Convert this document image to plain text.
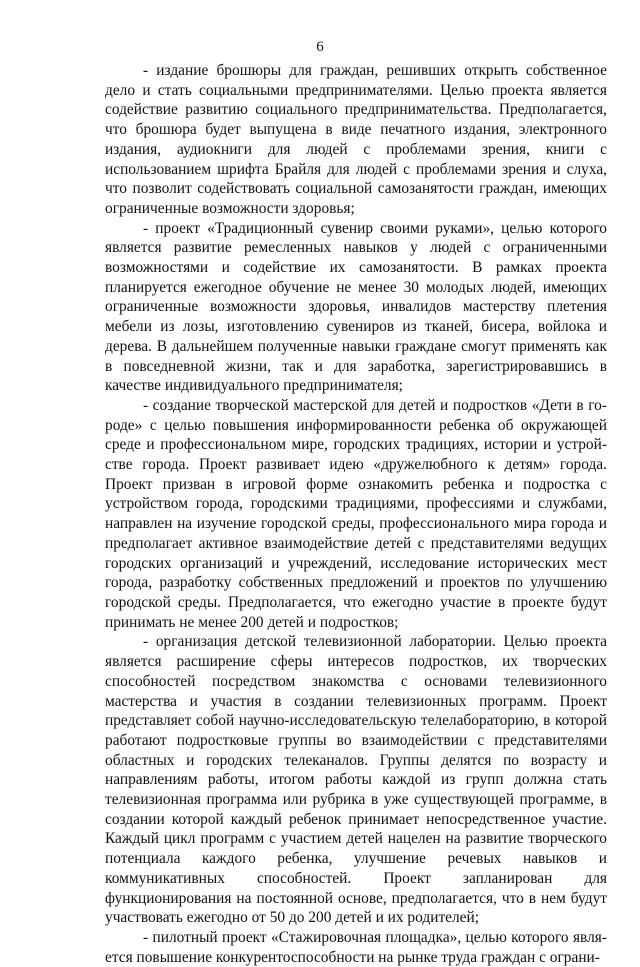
6

- издание брошюры для граждан, решивших открыть собственное дело и стать социальными предпринимателями. Целью проекта является содействие развитию социального предпринимательства. Предполагается, что брошюра будет выпущена в виде печатного издания, электронного издания, аудиокниги для людей с проблемами зрения, книги с использованием шрифта Брайля для людей с проблемами зрения и слуха, что позволит содействовать социальной самозанятости граждан, имеющих ограниченные возможности здоровья;

- проект «Традиционный сувенир своими руками», целью которого является развитие ремесленных навыков у людей с ограниченными возможностями и содействие их самозанятости. В рамках проекта планируется ежегодное обучение не менее 30 молодых людей, имеющих ограниченные возможности здоровья, инвалидов мастерству плетения мебели из лозы, изготовлению сувениров из тканей, бисера, войлока и дерева. В дальнейшем полученные навыки граждане смогут применять как в повседневной жизни, так и для заработка, зарегистрировавшись в качестве индивидуального предпринимателя;

- создание творческой мастерской для детей и подростков «Дети в городе» с целью повышения информированности ребенка об окружающей среде и профессиональном мире, городских традициях, истории и устройстве города. Проект развивает идею «дружелюбного к детям» города. Проект призван в игровой форме ознакомить ребенка и подростка с устройством города, городскими традициями, профессиями и службами, направлен на изучение городской среды, профессионального мира города и предполагает активное взаимодействие детей с представителями ведущих городских организаций и учреждений, исследование исторических мест города, разработку собственных предложений и проектов по улучшению городской среды. Предполагается, что ежегодно участие в проекте будут принимать не менее 200 детей и подростков;

- организация детской телевизионной лаборатории. Целью проекта является расширение сферы интересов подростков, их творческих способностей посредством знакомства с основами телевизионного мастерства и участия в создании телевизионных программ. Проект представляет собой научно-исследовательскую телелабораторию, в которой работают подростковые группы во взаимодействии с представителями областных и городских телеканалов. Группы делятся по возрасту и направлениям работы, итогом работы каждой из групп должна стать телевизионная программа или рубрика в уже существующей программе, в создании которой каждый ребенок принимает непосредственное участие. Каждый цикл программ с участием детей нацелен на развитие творческого потенциала каждого ребенка, улучшение речевых навыков и коммуникативных способностей. Проект запланирован для функционирования на постоянной основе, предполагается, что в нем будут участвовать ежегодно от 50 до 200 детей и их родителей;

- пилотный проект «Стажировочная площадка», целью которого является повышение конкурентоспособности на рынке труда граждан с ограни-
